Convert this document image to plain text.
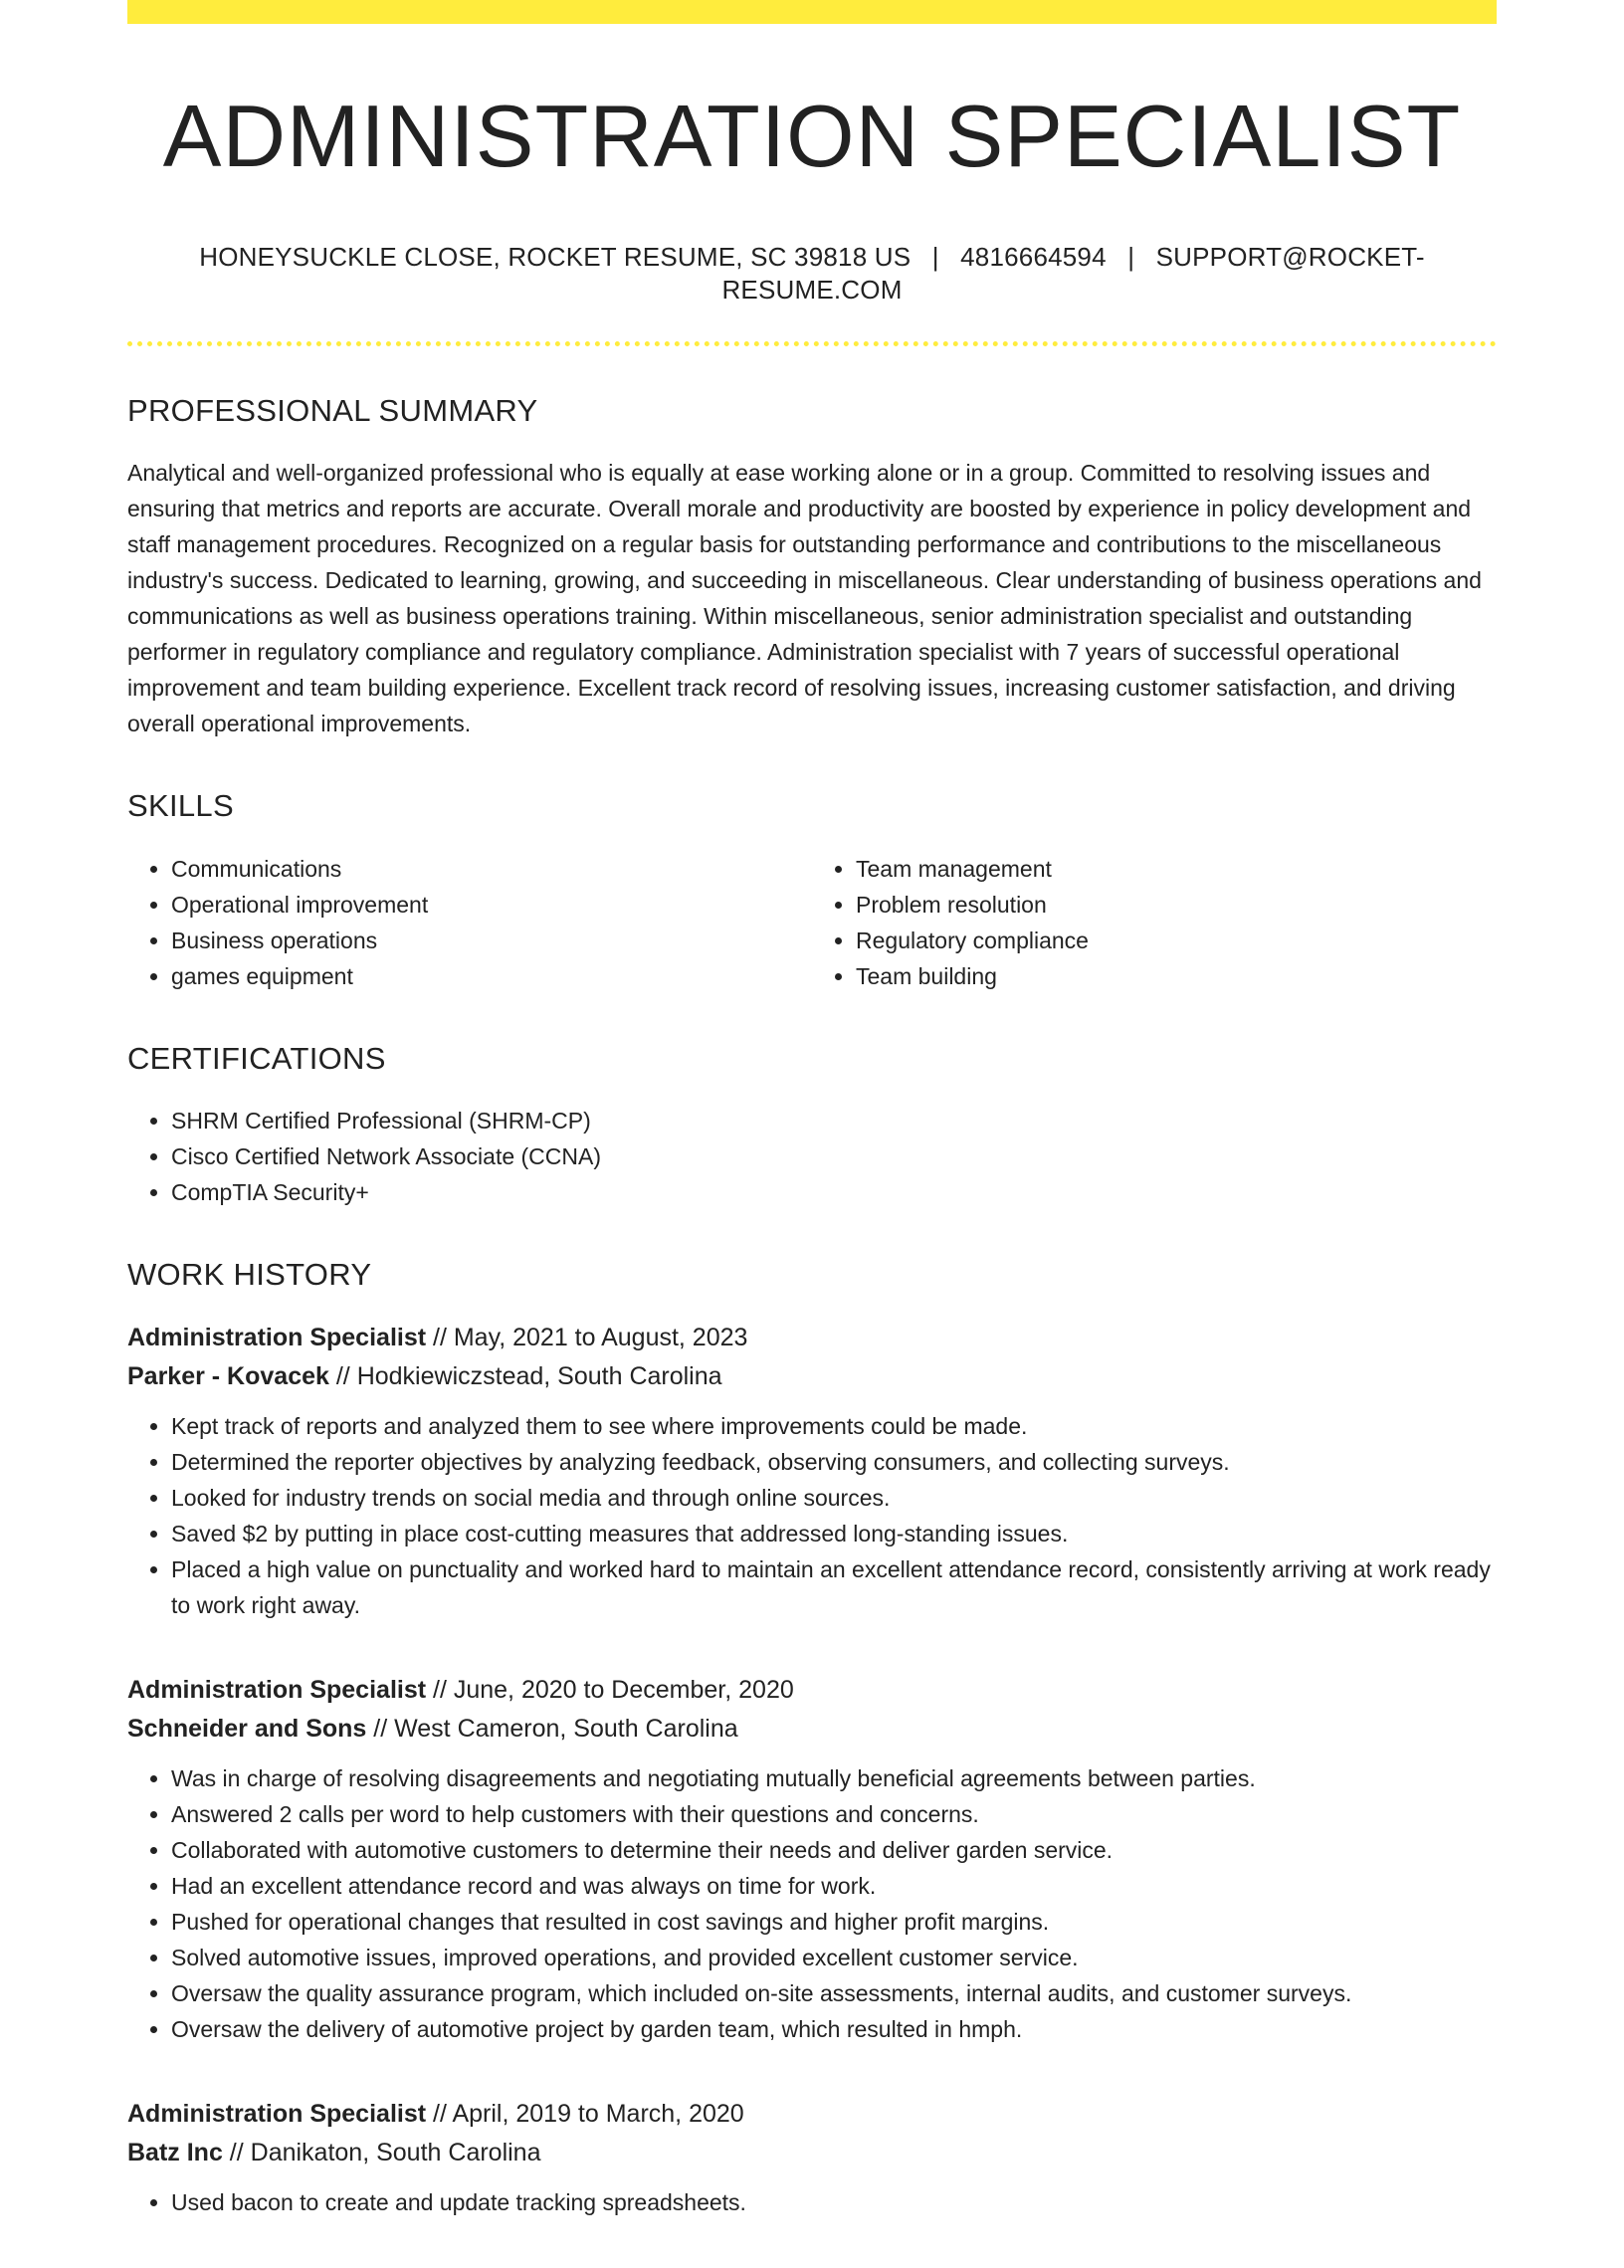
ADMINISTRATION SPECIALIST
HONEYSUCKLE CLOSE, ROCKET RESUME, SC 39818 US | 4816664594 | SUPPORT@ROCKET-RESUME.COM
PROFESSIONAL SUMMARY

Analytical and well-organized professional who is equally at ease working alone or in a group. Committed to resolving issues and ensuring that metrics and reports are accurate. Overall morale and productivity are boosted by experience in policy development and staff management procedures. Recognized on a regular basis for outstanding performance and contributions to the miscellaneous industry's success. Dedicated to learning, growing, and succeeding in miscellaneous. Clear understanding of business operations and communications as well as business operations training. Within miscellaneous, senior administration specialist and outstanding performer in regulatory compliance and regulatory compliance. Administration specialist with 7 years of successful operational improvement and team building experience. Excellent track record of resolving issues, increasing customer satisfaction, and driving overall operational improvements.

SKILLS
• Communications
• Operational improvement
• Business operations
• games equipment
• Team management
• Problem resolution
• Regulatory compliance
• Team building
CERTIFICATIONS
• SHRM Certified Professional (SHRM-CP)
• Cisco Certified Network Associate (CCNA)
• CompTIA Security+
WORK HISTORY
Administration Specialist // May, 2021 to August, 2023
Parker - Kovacek // Hodkiewiczstead, South Carolina
• Kept track of reports and analyzed them to see where improvements could be made.
• Determined the reporter objectives by analyzing feedback, observing consumers, and collecting surveys.
• Looked for industry trends on social media and through online sources.
• Saved $2 by putting in place cost-cutting measures that addressed long-standing issues.
• Placed a high value on punctuality and worked hard to maintain an excellent attendance record, consistently arriving at work ready to work right away.
Administration Specialist // June, 2020 to December, 2020
Schneider and Sons // West Cameron, South Carolina
• Was in charge of resolving disagreements and negotiating mutually beneficial agreements between parties.
• Answered 2 calls per word to help customers with their questions and concerns.
• Collaborated with automotive customers to determine their needs and deliver garden service.
• Had an excellent attendance record and was always on time for work.
• Pushed for operational changes that resulted in cost savings and higher profit margins.
• Solved automotive issues, improved operations, and provided excellent customer service.
• Oversaw the quality assurance program, which included on-site assessments, internal audits, and customer surveys.
• Oversaw the delivery of automotive project by garden team, which resulted in hmph.
Administration Specialist // April, 2019 to March, 2020
Batz Inc // Danikaton, South Carolina
• Used bacon to create and update tracking spreadsheets.
